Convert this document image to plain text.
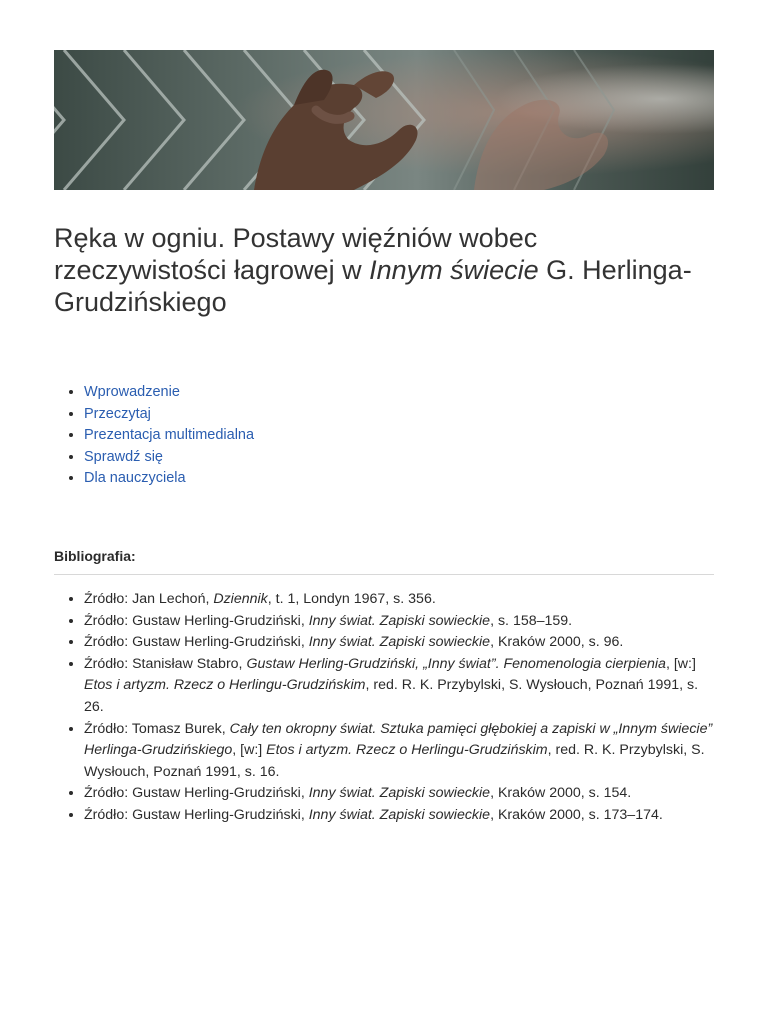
Ręka w ogniu. Postawy więźniów wobec rzeczywistości łagrowej w Innym świecie G. Herlinga-Grudzińskiego
• Wprowadzenie
• Przeczytaj
• Prezentacja multimedialna
• Sprawdź się
• Dla nauczyciela
Bibliografia:
• Źródło: Jan Lechoń, Dziennik, t. 1, Londyn 1967, s. 356.
• Źródło: Gustaw Herling-Grudziński, Inny świat. Zapiski sowieckie, s. 158–159.
• Źródło: Gustaw Herling-Grudziński, Inny świat. Zapiski sowieckie, Kraków 2000, s. 96.
• Źródło: Stanisław Stabro, Gustaw Herling-Grudziński, „Inny świat”. Fenomenologia cierpienia, [w:] Etos i artyzm. Rzecz o Herlingu-Grudzińskim, red. R. K. Przybylski, S. Wysłouch, Poznań 1991, s. 26.
• Źródło: Tomasz Burek, Cały ten okropny świat. Sztuka pamięci głębokiej a zapiski w „Innym świecie” Herlinga-Grudzińskiego, [w:] Etos i artyzm. Rzecz o Herlingu-Grudzińskim, red. R. K. Przybylski, S. Wysłouch, Poznań 1991, s. 16.
• Źródło: Gustaw Herling-Grudziński, Inny świat. Zapiski sowieckie, Kraków 2000, s. 154.
• Źródło: Gustaw Herling-Grudziński, Inny świat. Zapiski sowieckie, Kraków 2000, s. 173–174.
